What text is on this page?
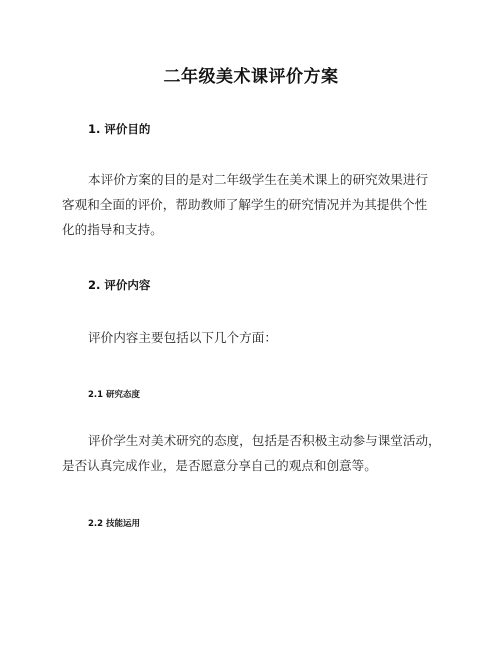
二年级美术课评价方案
1. 评价目的
本评价方案的目的是对二年级学生在美术课上的研究效果进行
客观和全面的评价，帮助教师了解学生的研究情况并为其提供个性
化的指导和支持。
2. 评价内容
评价内容主要包括以下几个方面：
2.1 研究态度
评价学生对美术研究的态度，包括是否积极主动参与课堂活动，
是否认真完成作业，是否愿意分享自己的观点和创意等。
2.2 技能运用
